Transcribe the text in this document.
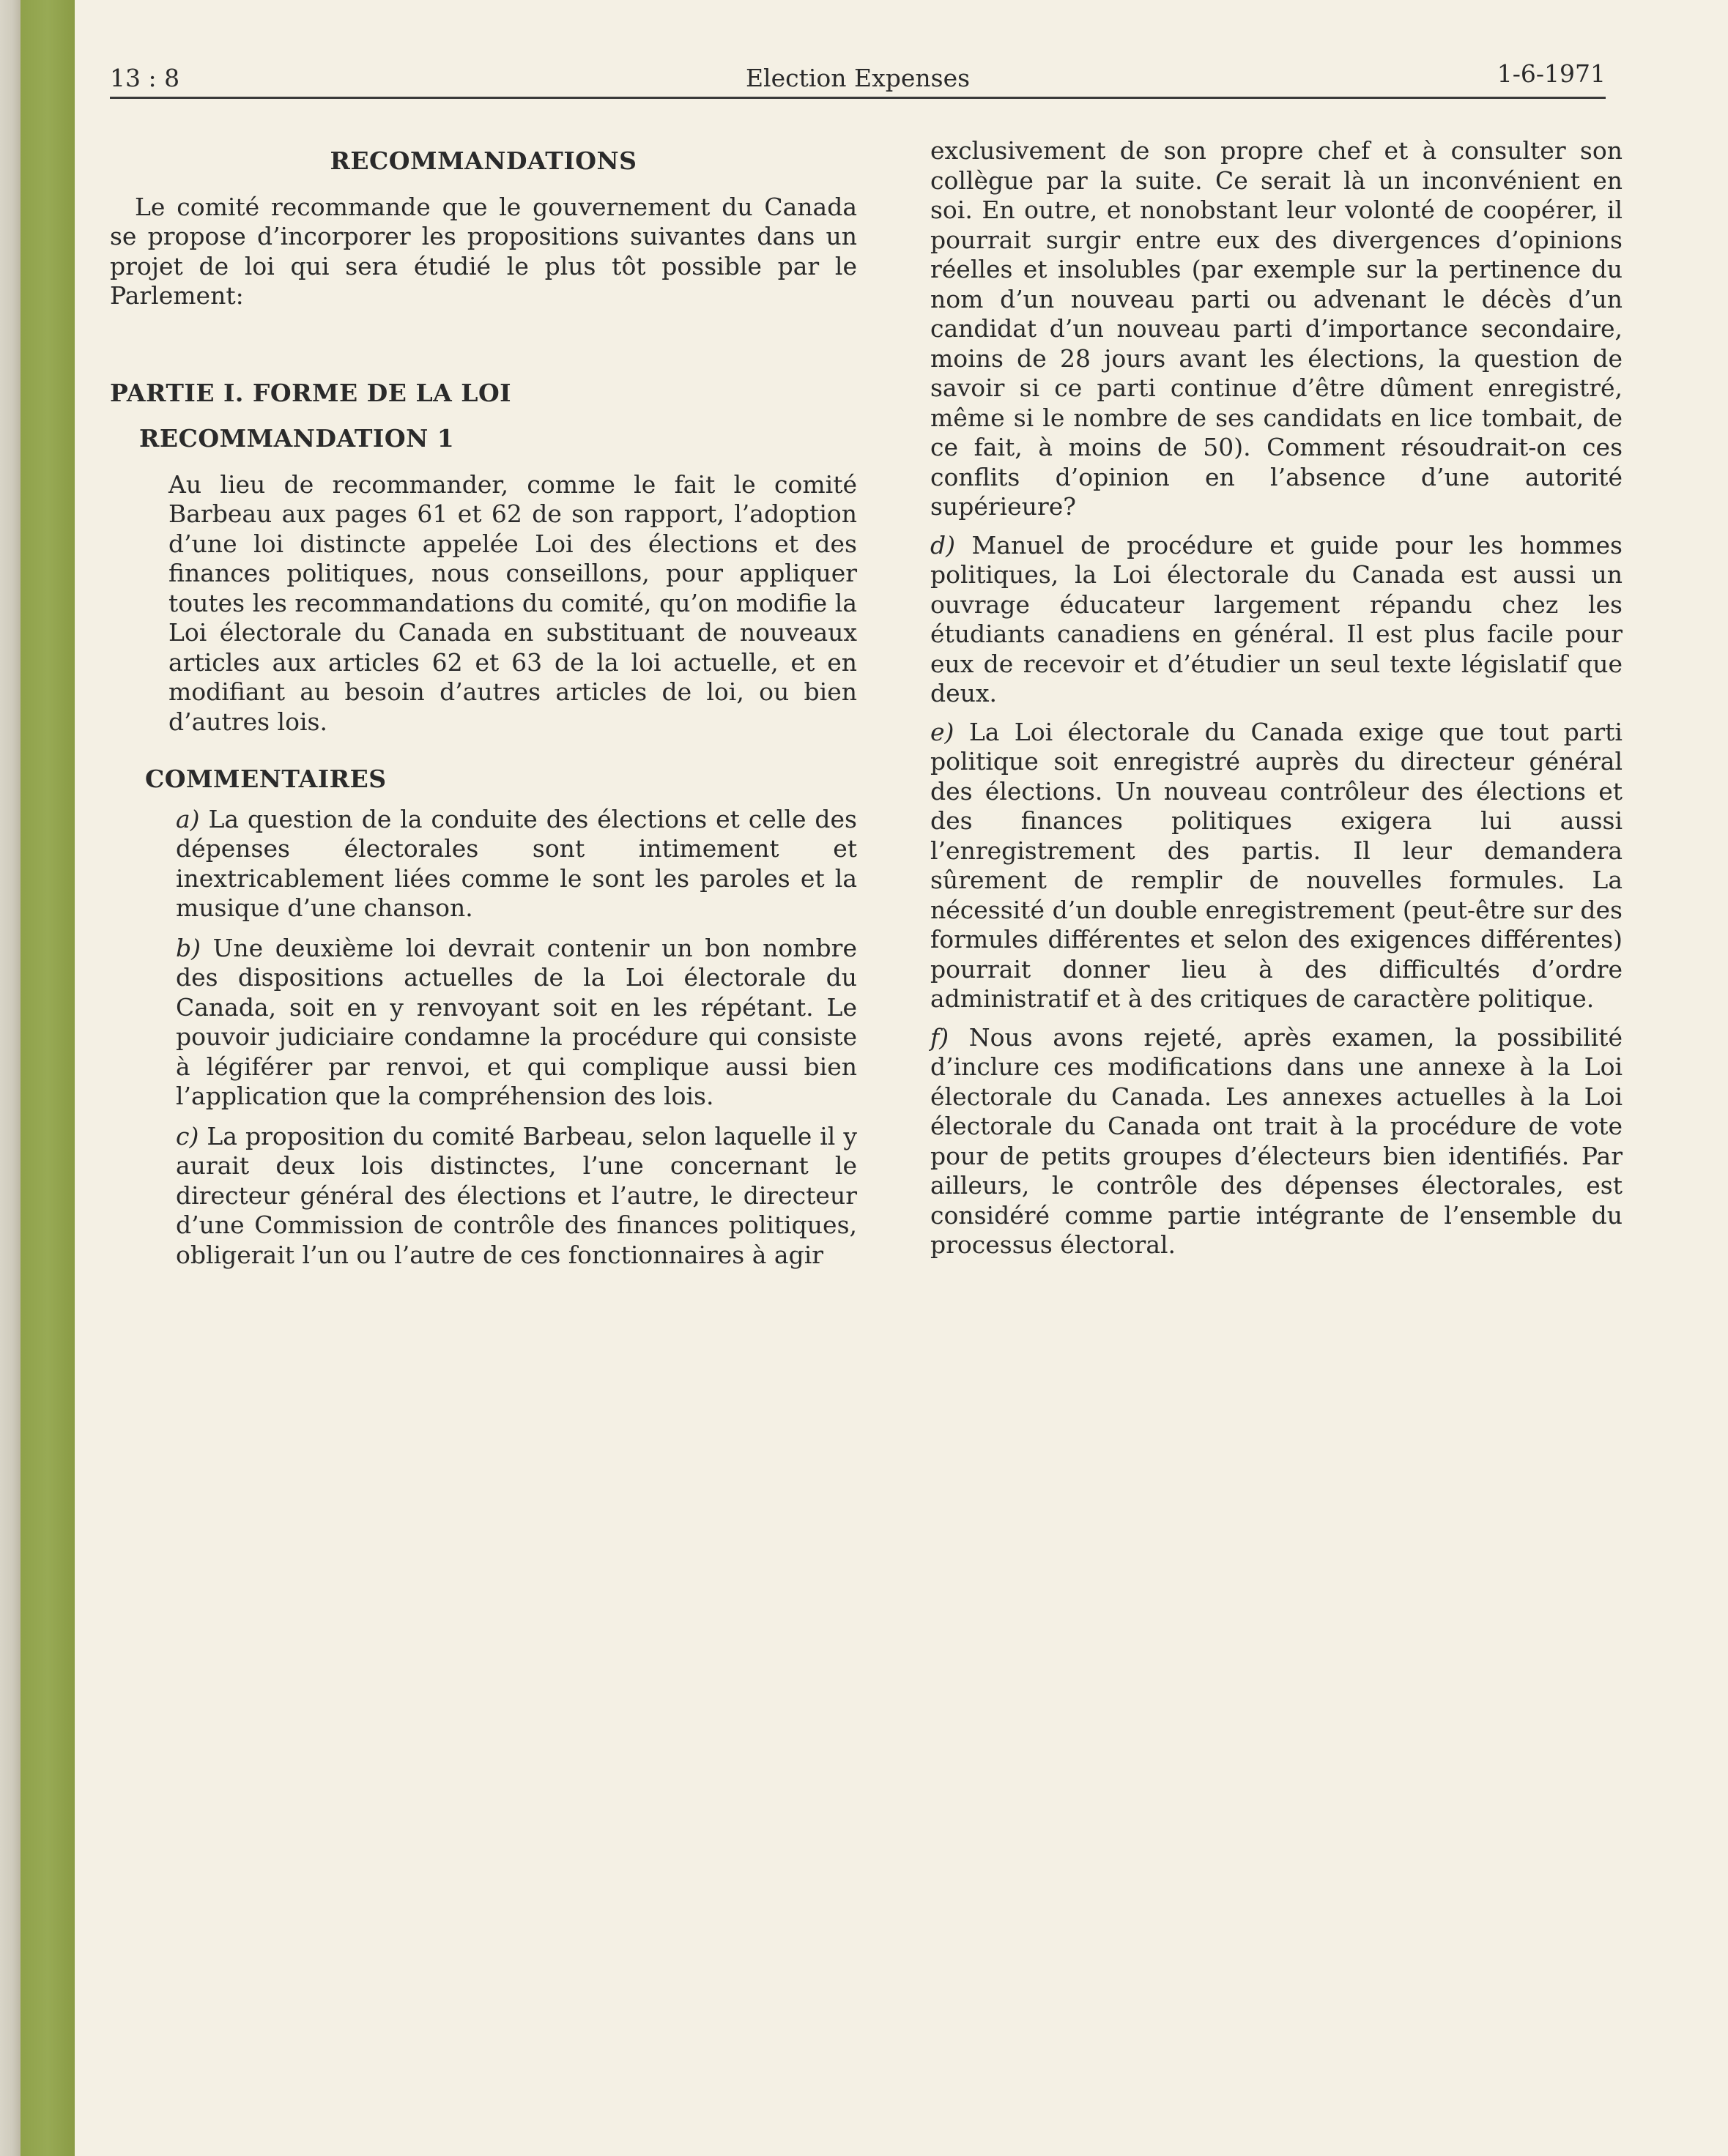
13 : 8	Election Expenses	1-6-1971
RECOMMANDATIONS

Le comité recommande que le gouvernement du Canada se propose d’incorporer les propositions suivantes dans un projet de loi qui sera étudié le plus tôt possible par le Parlement:

PARTIE I. FORME DE LA LOI
RECOMMANDATION 1

Au lieu de recommander, comme le fait le comité Barbeau aux pages 61 et 62 de son rapport, l’adoption d’une loi distincte appelée Loi des élections et des finances politiques, nous conseillons, pour appliquer toutes les recommandations du comité, qu’on modifie la Loi électorale du Canada en substituant de nouveaux articles aux articles 62 et 63 de la loi actuelle, et en modifiant au besoin d’autres articles de loi, ou bien d’autres lois.

COMMENTAIRES

a) La question de la conduite des élections et celle des dépenses électorales sont intimement et inextricablement liées comme le sont les paroles et la musique d’une chanson.

b) Une deuxième loi devrait contenir un bon nombre des dispositions actuelles de la Loi électorale du Canada, soit en y renvoyant soit en les répétant. Le pouvoir judiciaire condamne la procédure qui consiste à légiférer par renvoi, et qui complique aussi bien l’application que la compréhension des lois.

c) La proposition du comité Barbeau, selon laquelle il y aurait deux lois distinctes, l’une concernant le directeur général des élections et l’autre, le directeur d’une Commission de contrôle des finances politiques, obligerait l’un ou l’autre de ces fonctionnaires à agir

exclusivement de son propre chef et à consulter son collègue par la suite. Ce serait là un inconvénient en soi. En outre, et nonobstant leur volonté de coopérer, il pourrait surgir entre eux des divergences d’opinions réelles et insolubles (par exemple sur la pertinence du nom d’un nouveau parti ou advenant le décès d’un candidat d’un nouveau parti d’importance secondaire, moins de 28 jours avant les élections, la question de savoir si ce parti continue d’être dûment enregistré, même si le nombre de ses candidats en lice tombait, de ce fait, à moins de 50). Comment résoudrait-on ces conflits d’opinion en l’absence d’une autorité supérieure?

d) Manuel de procédure et guide pour les hommes politiques, la Loi électorale du Canada est aussi un ouvrage éducateur largement répandu chez les étudiants canadiens en général. Il est plus facile pour eux de recevoir et d’étudier un seul texte législatif que deux.

e) La Loi électorale du Canada exige que tout parti politique soit enregistré auprès du directeur général des élections. Un nouveau contrôleur des élections et des finances politiques exigera lui aussi l’enregistrement des partis. Il leur demandera sûrement de remplir de nouvelles formules. La nécessité d’un double enregistrement (peut-être sur des formules différentes et selon des exigences différentes) pourrait donner lieu à des difficultés d’ordre administratif et à des critiques de caractère politique.

f) Nous avons rejeté, après examen, la possibilité d’inclure ces modifications dans une annexe à la Loi électorale du Canada. Les annexes actuelles à la Loi électorale du Canada ont trait à la procédure de vote pour de petits groupes d’électeurs bien identifiés. Par ailleurs, le contrôle des dépenses électorales, est considéré comme partie intégrante de l’ensemble du processus électoral.
